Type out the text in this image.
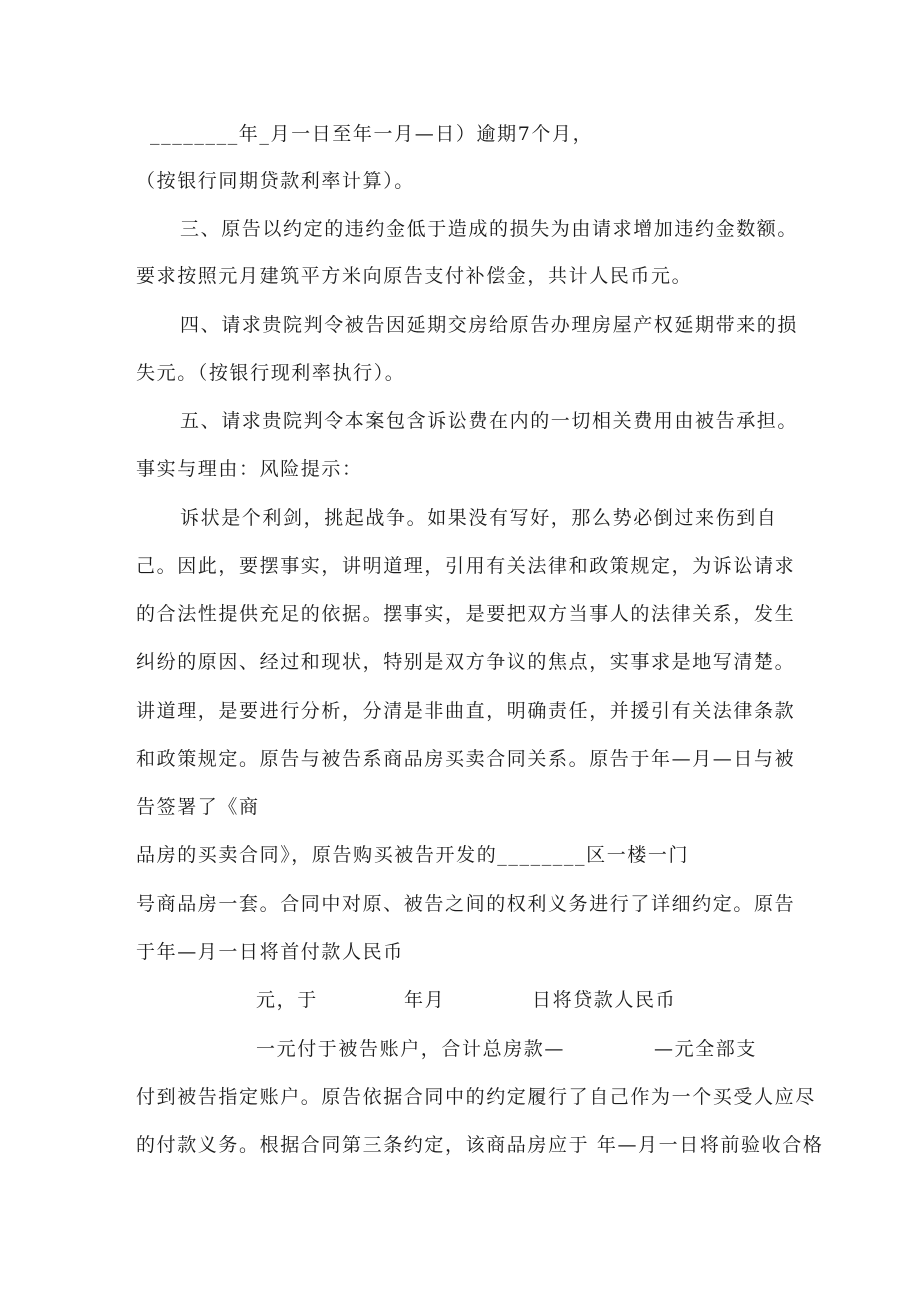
________年_月一日至年一月—日）逾期7个月，
（按银行同期贷款利率计算）。
三、原告以约定的违约金低于造成的损失为由请求增加违约金数额。
要求按照元月建筑平方米向原告支付补偿金，共计人民币元。
四、请求贵院判令被告因延期交房给原告办理房屋产权延期带来的损
失元。（按银行现利率执行）。
五、请求贵院判令本案包含诉讼费在内的一切相关费用由被告承担。
事实与理由：风险提示：
诉状是个利剑，挑起战争。如果没有写好，那么势必倒过来伤到自
己。因此，要摆事实，讲明道理，引用有关法律和政策规定，为诉讼请求
的合法性提供充足的依据。摆事实，是要把双方当事人的法律关系，发生
纠纷的原因、经过和现状，特别是双方争议的焦点，实事求是地写清楚。
讲道理，是要进行分析，分清是非曲直，明确责任，并援引有关法律条款
和政策规定。原告与被告系商品房买卖合同关系。原告于年—月—日与被
告签署了《商
品房的买卖合同》，原告购买被告开发的________区一楼一门
号商品房一套。合同中对原、被告之间的权利义务进行了详细约定。原告
于年—月一日将首付款人民币
元，于	年月	日将贷款人民币
一元付于被告账户，合计总房款—	—元全部支
付到被告指定账户。原告依据合同中的约定履行了自己作为一个买受人应尽
的付款义务。根据合同第三条约定，该商品房应于 年—月一日将前验收合格
